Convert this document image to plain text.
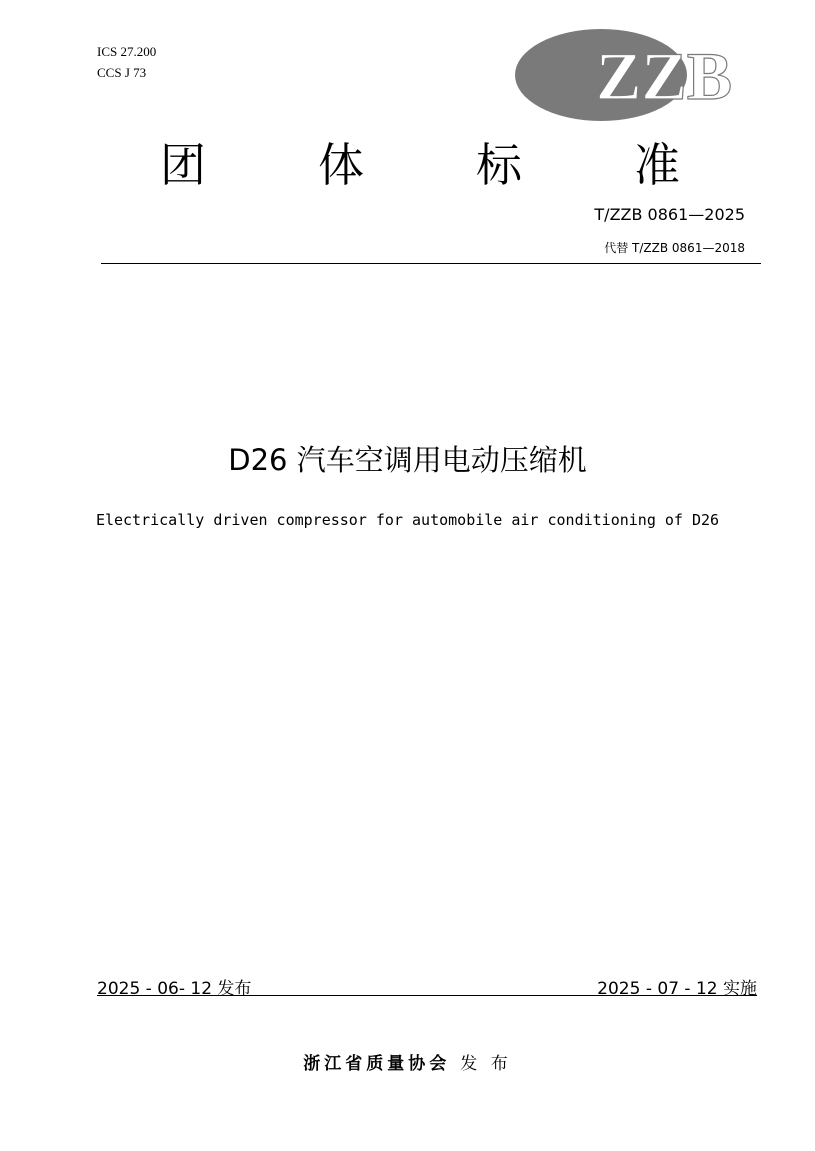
ICS 27.200
CCS J 73	ZZB
团 体 标 准
T/ZZB 0861—2025
代替 T/ZZB 0861—2018
D26 汽车空调用电动压缩机
Electrically driven compressor for automobile air conditioning of D26
2025 - 06- 12 发布	2025 - 07 - 12 实施
浙江省质量协会 发 布
